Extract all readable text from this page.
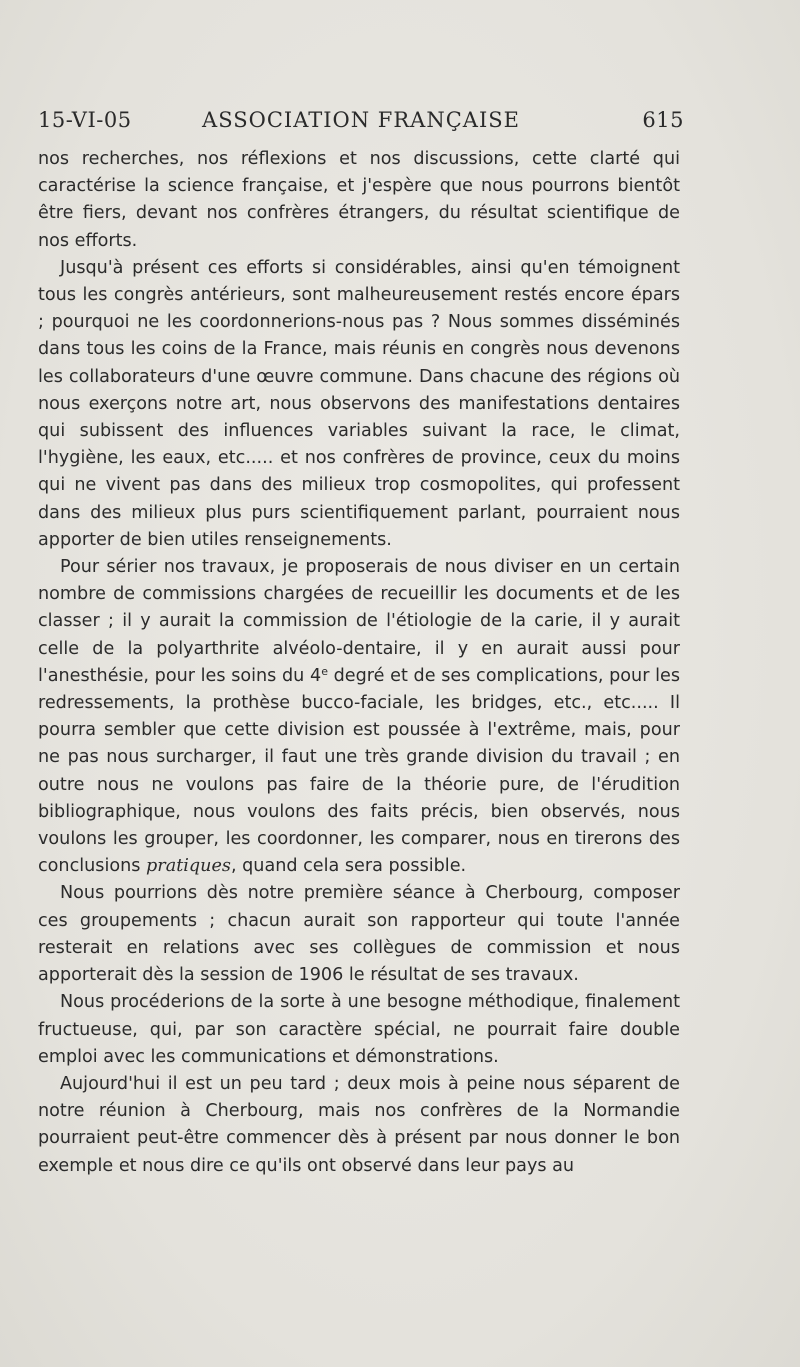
15-VI-05	ASSOCIATION FRANÇAISE	615

nos recherches, nos réflexions et nos discussions, cette clarté qui caractérise la science française, et j'espère que nous pourrons bientôt être fiers, devant nos confrères étrangers, du résultat scientifique de nos efforts.

Jusqu'à présent ces efforts si considérables, ainsi qu'en témoignent tous les congrès antérieurs, sont malheureusement restés encore épars ; pourquoi ne les coordonnerions-nous pas ? Nous sommes disséminés dans tous les coins de la France, mais réunis en congrès nous devenons les collaborateurs d'une œuvre commune. Dans chacune des régions où nous exerçons notre art, nous observons des manifestations dentaires qui subissent des influences variables suivant la race, le climat, l'hygiène, les eaux, etc..... et nos confrères de province, ceux du moins qui ne vivent pas dans des milieux trop cosmopolites, qui professent dans des milieux plus purs scientifiquement parlant, pourraient nous apporter de bien utiles renseignements.

Pour sérier nos travaux, je proposerais de nous diviser en un certain nombre de commissions chargées de recueillir les documents et de les classer ; il y aurait la commission de l'étiologie de la carie, il y aurait celle de la polyarthrite alvéolo-dentaire, il y en aurait aussi pour l'anesthésie, pour les soins du 4e degré et de ses complications, pour les redressements, la prothèse bucco-faciale, les bridges, etc., etc..... Il pourra sembler que cette division est poussée à l'extrême, mais, pour ne pas nous surcharger, il faut une très grande division du travail ; en outre nous ne voulons pas faire de la théorie pure, de l'érudition bibliographique, nous voulons des faits précis, bien observés, nous voulons les grouper, les coordonner, les comparer, nous en tirerons des conclusions pratiques, quand cela sera possible.

Nous pourrions dès notre première séance à Cherbourg, composer ces groupements ; chacun aurait son rapporteur qui toute l'année resterait en relations avec ses collègues de commission et nous apporterait dès la session de 1906 le résultat de ses travaux.

Nous procéderions de la sorte à une besogne méthodique, finalement fructueuse, qui, par son caractère spécial, ne pourrait faire double emploi avec les communications et démonstrations.

Aujourd'hui il est un peu tard ; deux mois à peine nous séparent de notre réunion à Cherbourg, mais nos confrères de la Normandie pourraient peut-être commencer dès à présent par nous donner le bon exemple et nous dire ce qu'ils ont observé dans leur pays au
